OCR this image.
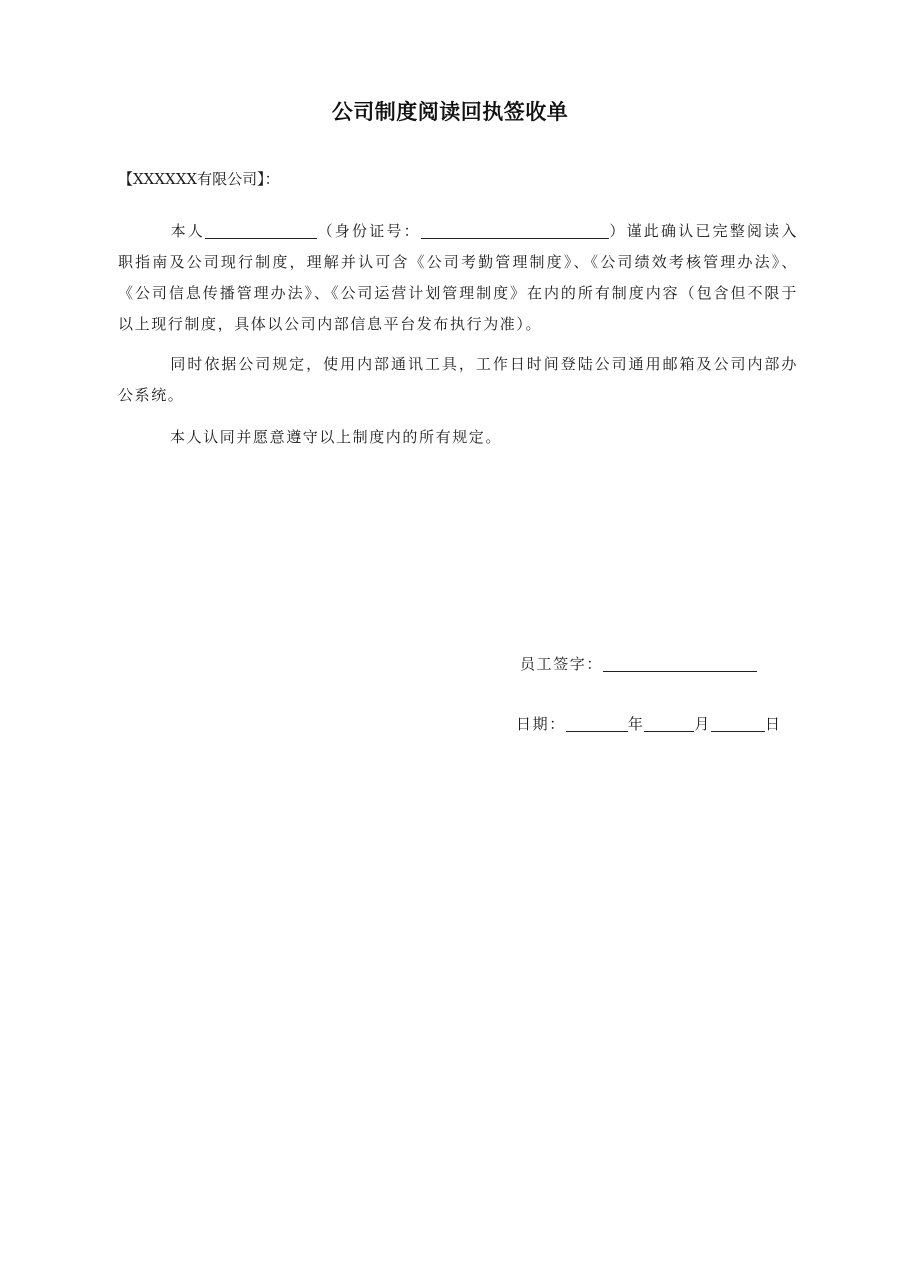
公司制度阅读回执签收单
【XXXXXX有限公司】：
本人	（身份证号：	）谨此确认已完整阅读入职指南及公司现行制度，理解并认可含《公司考勤管理制度》、《公司绩效考核管理办法》、《公司信息传播管理办法》、《公司运营计划管理制度》在内的所有制度内容（包含但不限于以上现行制度，具体以公司内部信息平台发布执行为准）。
同时依据公司规定，使用内部通讯工具，工作日时间登陆公司通用邮箱及公司内部办公系统。
本人认同并愿意遵守以上制度内的所有规定。
员工签字：
日期：	年	月	日
